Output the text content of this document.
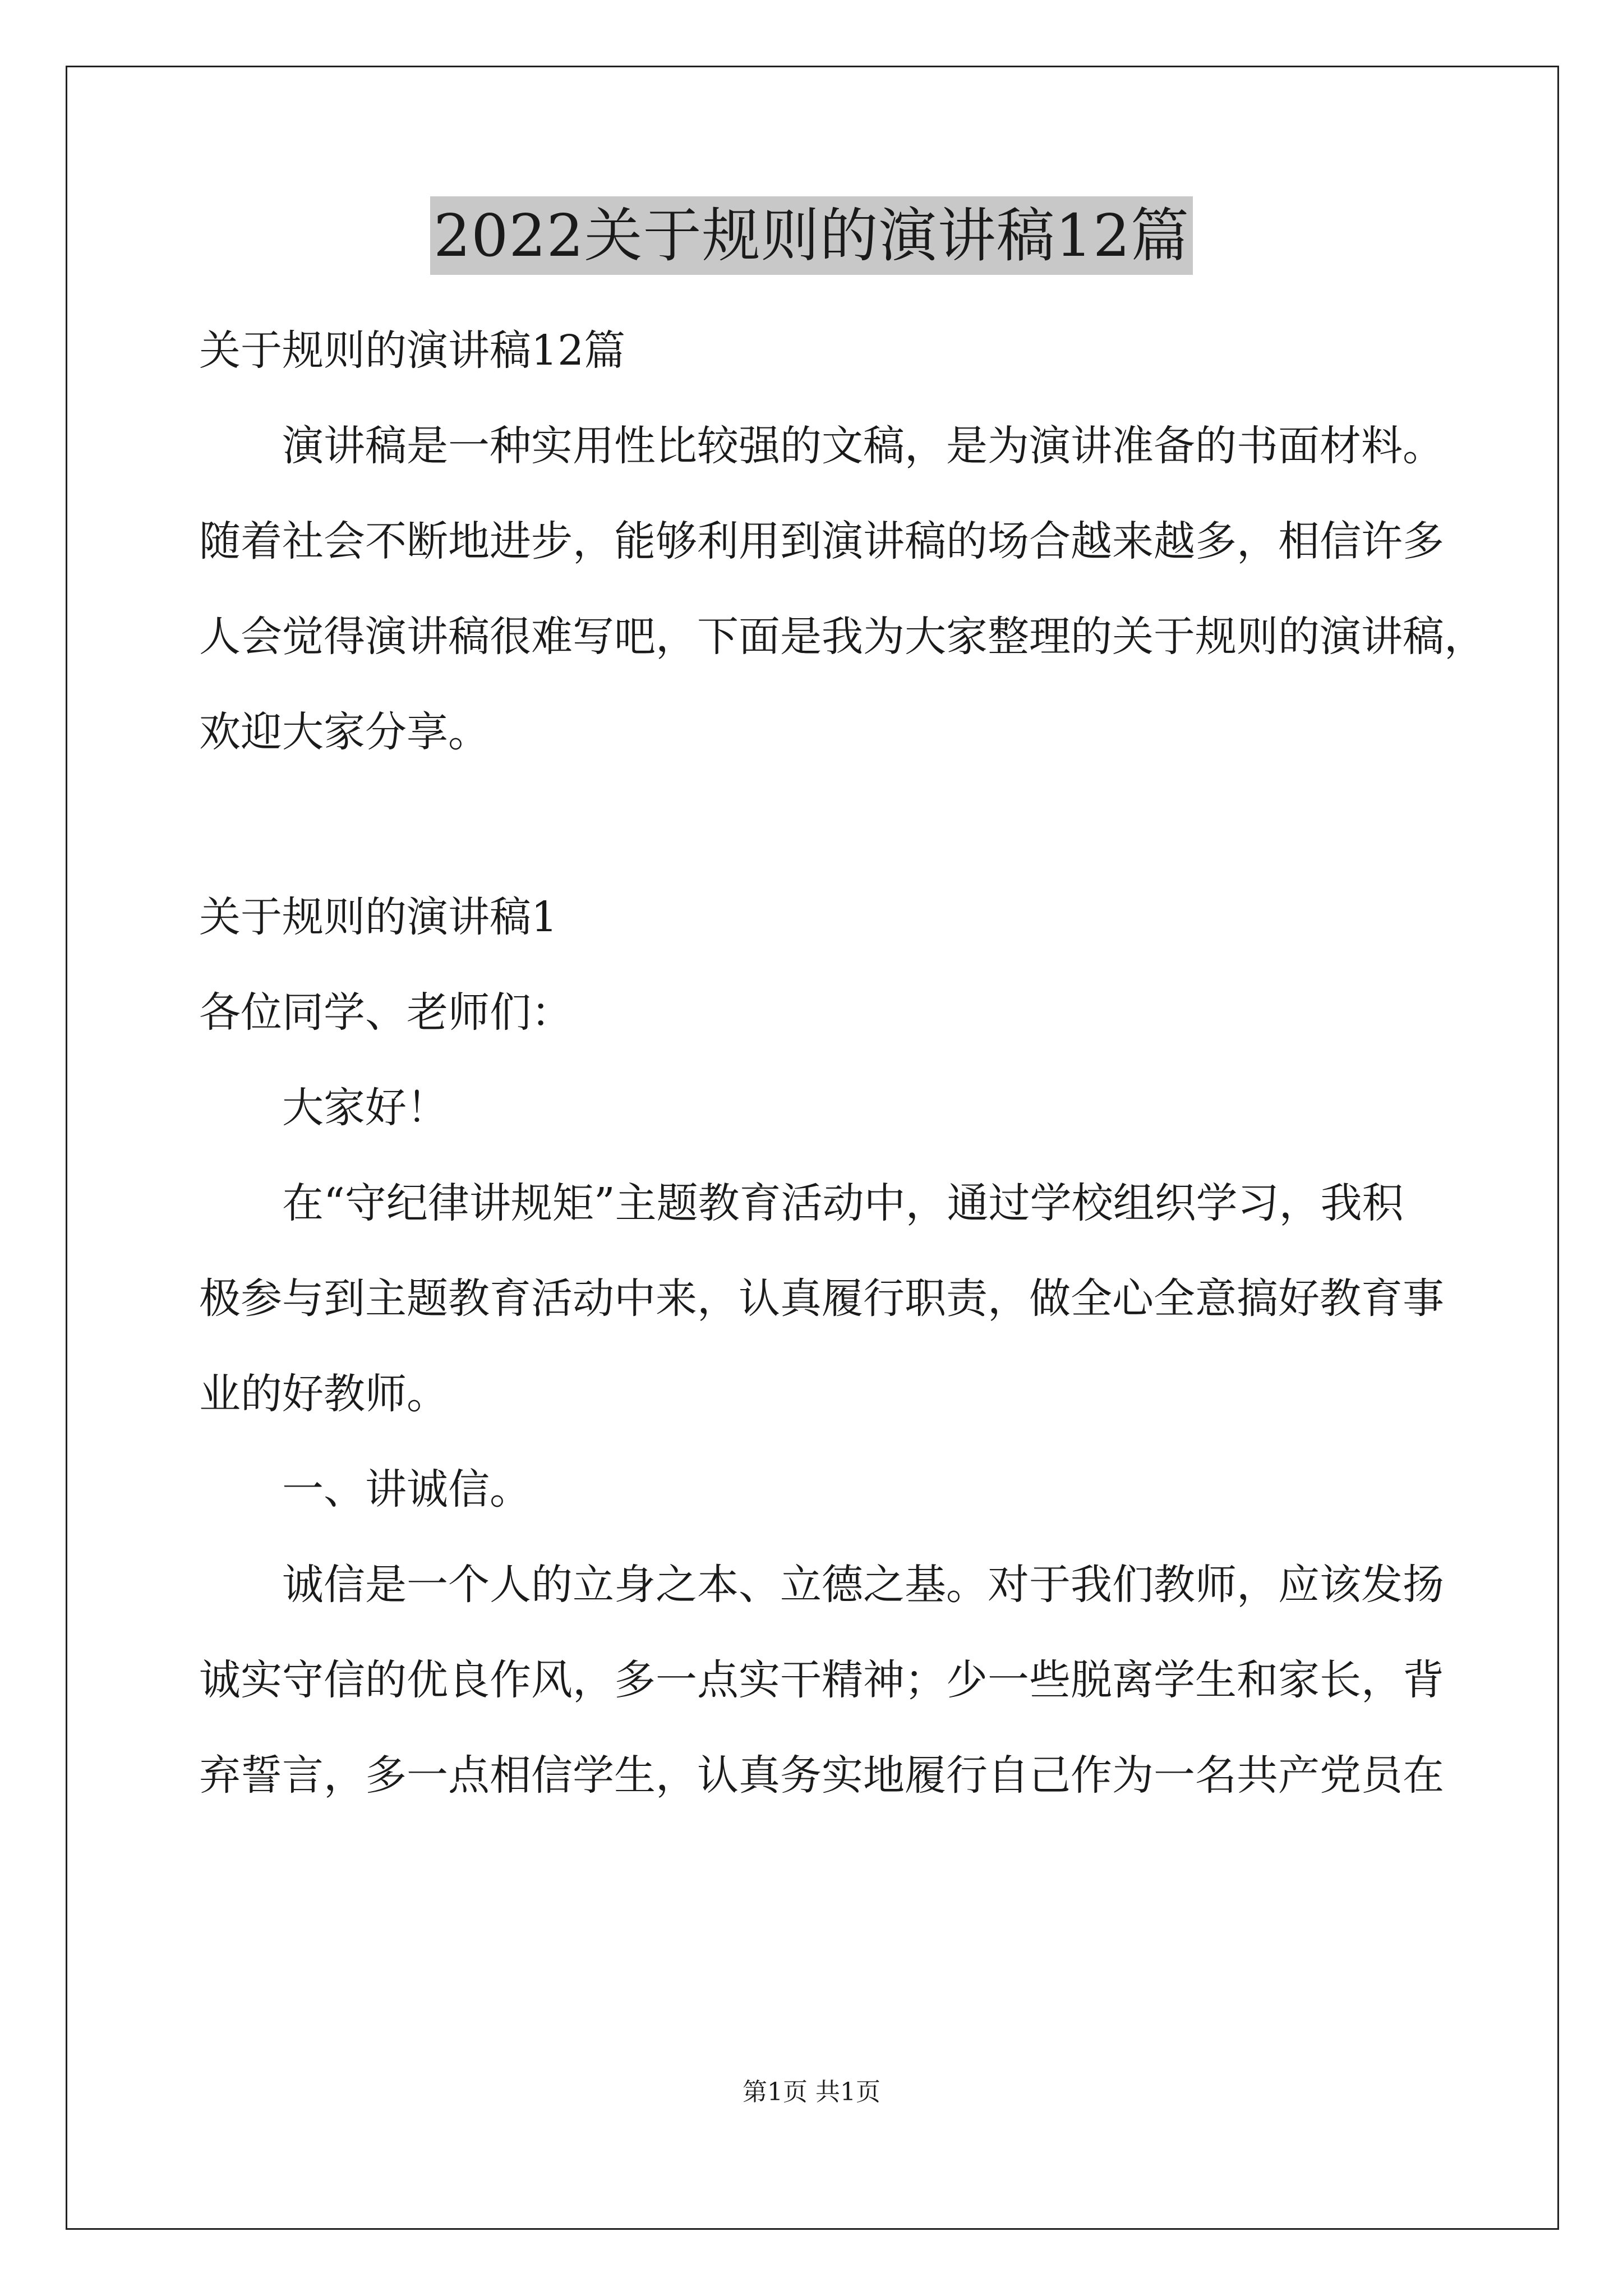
2022关于规则的演讲稿12篇
关于规则的演讲稿12篇
演讲稿是一种实用性比较强的文稿，是为演讲准备的书面材料。
随着社会不断地进步，能够利用到演讲稿的场合越来越多，相信许多
人会觉得演讲稿很难写吧，下面是我为大家整理的关于规则的演讲稿，
欢迎大家分享。
关于规则的演讲稿1
各位同学、老师们：
大家好！
在“守纪律讲规矩”主题教育活动中，通过学校组织学习，我积
极参与到主题教育活动中来，认真履行职责，做全心全意搞好教育事
业的好教师。
一、讲诚信。
诚信是一个人的立身之本、立德之基。对于我们教师，应该发扬
诚实守信的优良作风，多一点实干精神；少一些脱离学生和家长，背
弃誓言，多一点相信学生，认真务实地履行自己作为一名共产党员在
第1页 共1页
